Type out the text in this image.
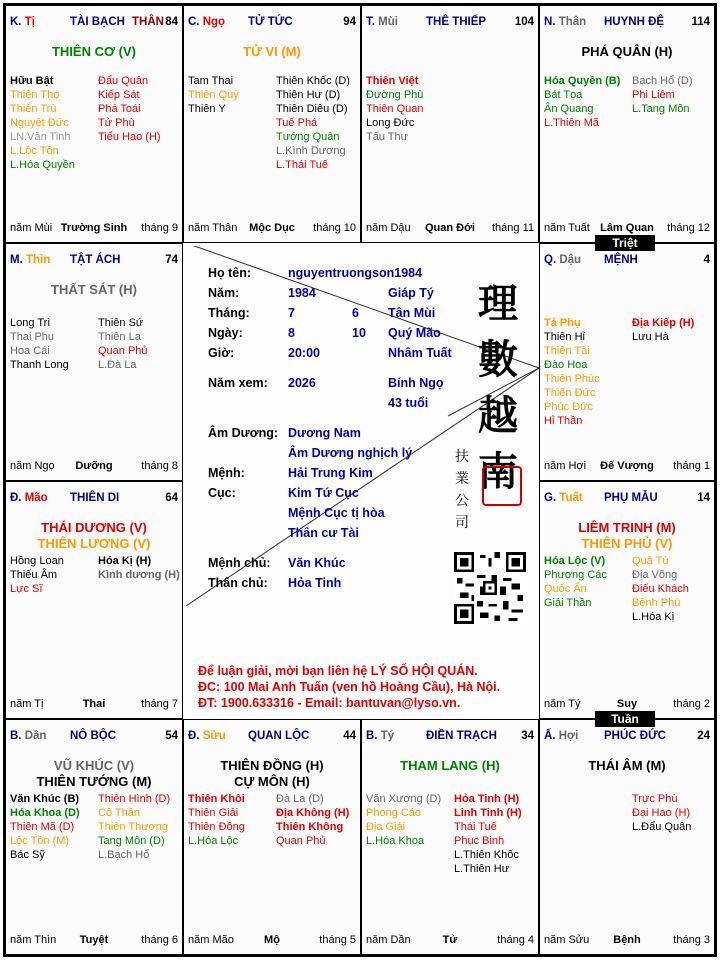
K. Tị	TÀI BẠCH THÂN 84
THIÊN CƠ (V)
Hữu Bật
Thiên Thọ
Thiên Trù
Nguyệt Đức
LN.Văn Tinh
L.Lộc Tồn
L.Hóa Quyền
Đẩu Quân
Kiếp Sát
Phá Toái
Tử Phù
Tiểu Hao (H)
năm Mùi Trường Sinh	tháng 9
C. Ngọ TỬ TỨC	94
TỬ VI (M)
Tam Thai
Thiên Quý
Thiên Y
Thiên Khốc (D)
Thiên Hư (D)
Thiên Diêu (D)
Tuế Phá
Tướng Quân
L.Kình Dương
L.Thái Tuế
năm Thân	Mộc Dục	tháng 10
T. Mùi THÊ THIẾP	104
Thiên Việt
Đường Phù
Thiên Quan
Long Đức
Tấu Thư
năm Dậu	Quan Đới	tháng 11
N. Thân HUYNH ĐỆ 114
PHÁ QUÂN (H)
Hóa Quyền (B)
Bát Tọa
Ân Quang
L.Thiên Mã
Bạch Hổ (D)
Phi Liêm
L.Tang Môn
năm Tuất Lâm Quan	tháng 12
M. Thìn TẬT ÁCH	74
THẤT SÁT (H)
Long Trì
Thai Phụ
Hoa Cái
Thanh Long
Thiên Sứ
Thiên La
Quan Phủ
L.Đà La
năm Ngọ	Dưỡng	tháng 8
Q. Dậu MỆNH	4
Tả Phụ
Thiên Hỉ
Thiên Tài
Đào Hoa
Thiên Phúc
Thiên Đức
Phúc Đức
Hỉ Thần
Địa Kiếp (H)
Lưu Hà
năm Hợi	Đế Vượng	tháng 1
Đ. Mão THIÊN DI	64
THÁI DƯƠNG (V)
THIÊN LƯƠNG (V)
Hồng Loan
Thiếu Âm
Lực Sĩ
Hóa Kị (H)
Kình dương (H)
năm Tị	Thai	tháng 7
G. Tuất PHỤ MẪU	14
LIÊM TRINH (M)
THIÊN PHỦ (V)
Hóa Lộc (V)
Phượng Các
Quốc Ấn
Giải Thần
Quả Tú
Địa Võng
Điếu Khách
Bệnh Phù
L.Hóa Kị
năm Tý	Suy	tháng 2
B. Dần NÔ BỘC	54
VŨ KHÚC (V)
THIÊN TƯỚNG (M)
Văn Khúc (B)
Hóa Khoa (D)
Thiên Mã (D)
Lộc Tồn (M)
Bác Sỹ
Thiên Hình (D)
Cô Thần
Thiên Thương
Tang Môn (D)
L.Bạch Hổ
năm Thìn	Tuyệt	tháng 6
Đ. Sửu QUAN LỘC	44
THIÊN ĐỒNG (H)
CỰ MÔN (H)
Thiên Khôi
Thiên Giải
Thiên Đồng
L.Hóa Lộc
Đà La (D)
Địa Không (H)
Thiên Không
Quan Phủ
năm Mão	Mộ	tháng 5
B. Tý	ĐIỀN TRẠCH 34
THAM LANG (H)
Văn Xương (D)
Phong Cáo
Địa Giải
L.Hóa Khoa
Hỏa Tinh (H)
Linh Tinh (H)
Thái Tuế
Phục Binh
L.Thiên Khốc
L.Thiên Hư
năm Dần	Tử	tháng 4
Ấ. Hợi PHÚC ĐỨC	24
THÁI ÂM (M)
Trực Phù
Đại Hao (H)
L.Đẩu Quân
năm Sửu	Bệnh	tháng 3
Triệt
Tuần
Họ tên:	nguyentruongson1984
Năm:	1984	Giáp Tý
Tháng:	7	6 Tân Mùi
Ngày:	8	10 Quý Mão
Giờ:	20:00	Nhâm Tuất
Năm xem: 2026	Bính Ngọ
43 tuổi
Âm Dương: Dương Nam
Âm Dương nghịch lý
Mệnh:	Hải Trung Kim
Cục:	Kim Tứ Cục
Mệnh Cục tị hòa
Thân cư Tài
Mệnh chủ: Văn Khúc
Thân chủ: Hỏa Tinh
理
數
越
南
扶
業
公
司
Để luận giải, mời bạn liên hệ LÝ SỐ HỘI QUÁN.
ĐC: 100 Mai Anh Tuấn (ven hồ Hoàng Cầu), Hà Nội.
ĐT: 1900.633316 - Email: bantuvan@lyso.vn.
